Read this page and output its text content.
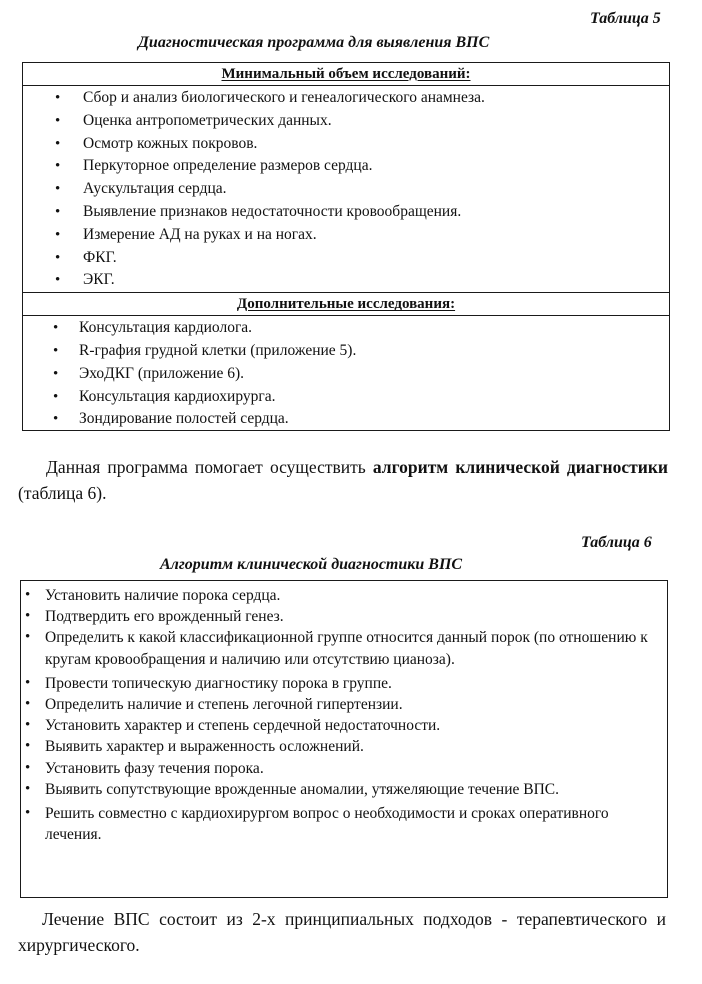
Таблица 5
Диагностическая программа для выявления ВПС
Минимальный объем исследований:
• Сбор и анализ биологического и генеалогического анамнеза.
• Оценка антропометрических данных.
• Осмотр кожных покровов.
• Перкуторное определение размеров сердца.
• Аускультация сердца.
• Выявление признаков недостаточности кровообращения.
• Измерение АД на руках и на ногах.
• ФКГ.
• ЭКГ.
Дополнительные исследования:
• Консультация кардиолога.
• R-графия грудной клетки (приложение 5).
• ЭхоДКГ (приложение 6).
• Консультация кардиохирурга.
• Зондирование полостей сердца.
Данная программа помогает осуществить алгоритм клинической диагностики (таблица 6).
Таблица 6
Алгоритм клинической диагностики ВПС
• Установить наличие порока сердца.
• Подтвердить его врожденный генез.
• Определить к какой классификационной группе относится данный порок (по отношению к кругам кровообращения и наличию или отсутствию цианоза).
• Провести топическую диагностику порока в группе.
• Определить наличие и степень легочной гипертензии.
• Установить характер и степень сердечной недостаточности.
• Выявить характер и выраженность осложнений.
• Установить фазу течения порока.
• Выявить сопутствующие врожденные аномалии, утяжеляющие течение ВПС.
• Решить совместно с кардиохирургом вопрос о необходимости и сроках оперативного лечения.
Лечение ВПС состоит из 2-х принципиальных подходов - терапевтического и хирургического.
